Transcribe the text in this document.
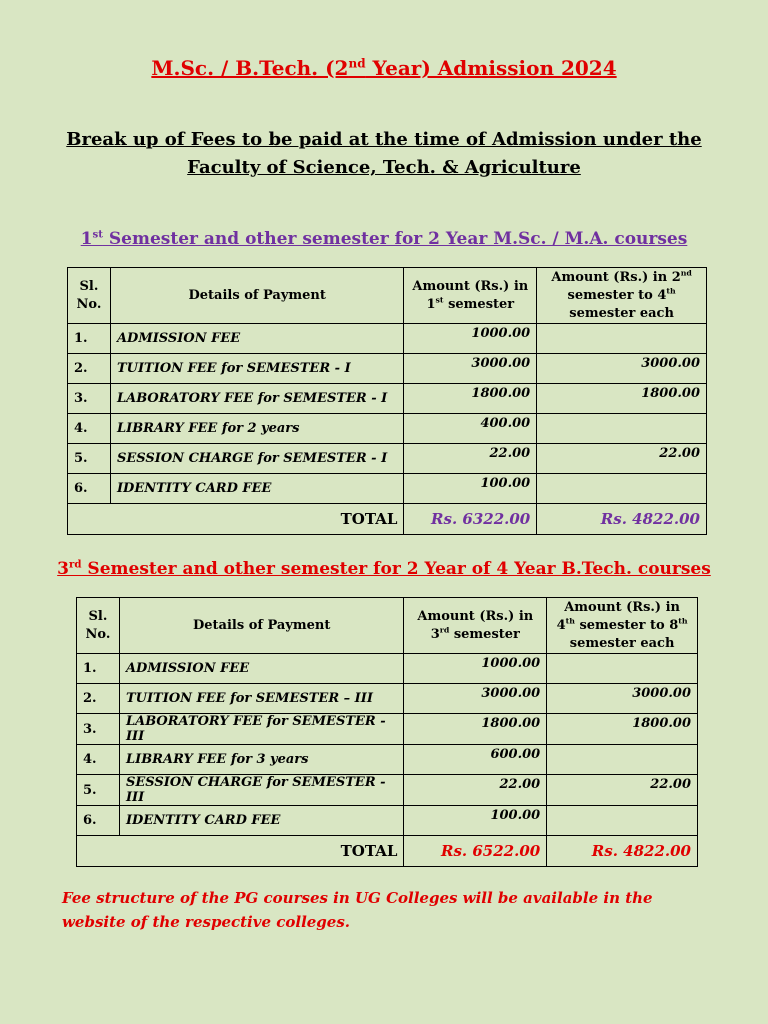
M.Sc. / B.Tech. (2nd Year) Admission 2024
Break up of Fees to be paid at the time of Admission under the Faculty of Science, Tech. & Agriculture
1st Semester and other semester for 2 Year M.Sc. / M.A. courses
Sl. No.	Details of Payment	Amount (Rs.) in 1st semester	Amount (Rs.) in 2nd semester to 4th semester each
1.	ADMISSION FEE	1000.00	
2.	TUITION FEE for SEMESTER - I	3000.00	3000.00
3.	LABORATORY FEE for SEMESTER - I	1800.00	1800.00
4.	LIBRARY FEE for 2 years	400.00	
5.	SESSION CHARGE for SEMESTER - I	22.00	22.00
6.	IDENTITY CARD FEE	100.00	
TOTAL		Rs. 6322.00	Rs. 4822.00
3rd Semester and other semester for 2 Year of 4 Year B.Tech. courses
Sl. No.	Details of Payment	Amount (Rs.) in 3rd semester	Amount (Rs.) in 4th semester to 8th semester each
1.	ADMISSION FEE	1000.00	
2.	TUITION FEE for SEMESTER – III	3000.00	3000.00
3.	LABORATORY FEE for SEMESTER - III	1800.00	1800.00
4.	LIBRARY FEE for 3 years	600.00	
5.	SESSION CHARGE for SEMESTER - III	22.00	22.00
6.	IDENTITY CARD FEE	100.00	
TOTAL		Rs. 6522.00	Rs. 4822.00
Fee structure of the PG courses in UG Colleges will be available in the website of the respective colleges.
